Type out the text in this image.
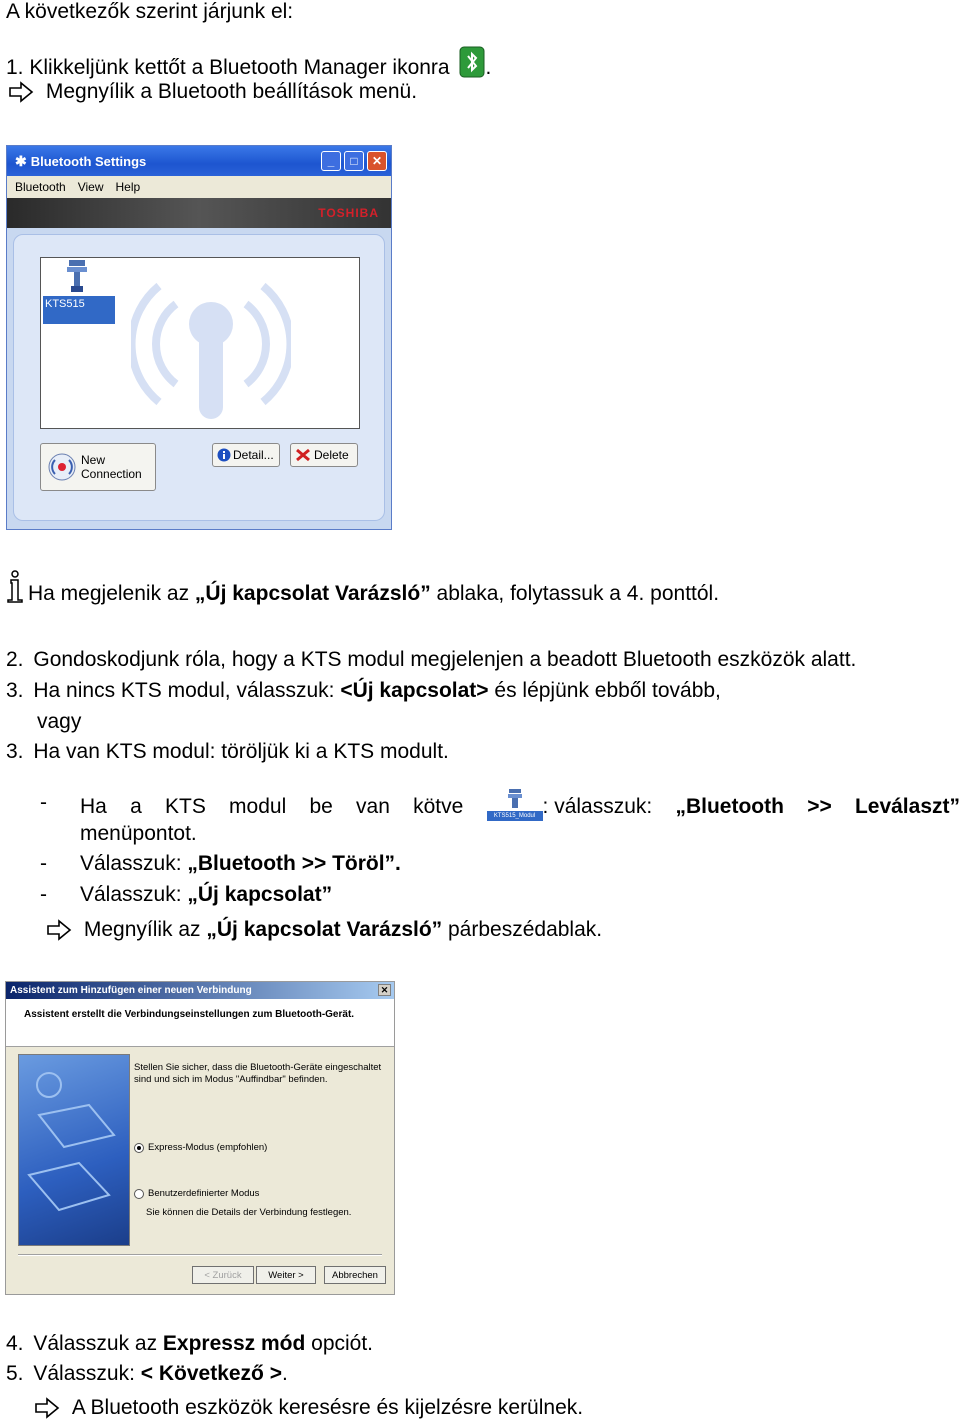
A következők szerint járjunk el:
1. Klikkeljünk kettőt a Bluetooth Manager ikonra .
Megnyílik a Bluetooth beállítások menü.
✱ Bluetooth Settings	_	□	✕
Bluetooth View Help
TOSHIBA
KTS515
New
Connection
Detail...	Delete
Ha megjelenik az „Új kapcsolat Varázsló” ablaka, folytassuk a 4. ponttól.
2. Gondoskodjunk róla, hogy a KTS modul megjelenjen a beadott Bluetooth eszközök alatt.
3. Ha nincs KTS modul, válasszuk: <Új kapcsolat> és lépjünk ebből tovább,
vagy
3. Ha van KTS modul: töröljük ki a KTS modult.
- Ha a KTS modul be van kötve	KTS515_Modul : válasszuk: „Bluetooth >> Leválaszt”
menüpontot.
- Válasszuk: „Bluetooth >> Töröl”.
- Válasszuk: „Új kapcsolat”
Megnyílik az „Új kapcsolat Varázsló” párbeszédablak.
Assistent zum Hinzufügen einer neuen Verbindung	✕
Assistent erstellt die Verbindungseinstellungen zum Bluetooth-Gerät.
Stellen Sie sicher, dass die Bluetooth-Geräte eingeschaltet sind und sich im Modus "Auffindbar" befinden.
Express-Modus (empfohlen)
Benutzerdefinierter Modus
Sie können die Details der Verbindung festlegen.
< Zurück	Weiter >	Abbrechen
4. Válasszuk az Expressz mód opciót.
5. Válasszuk: < Következő >.
A Bluetooth eszközök keresésre és kijelzésre kerülnek.
